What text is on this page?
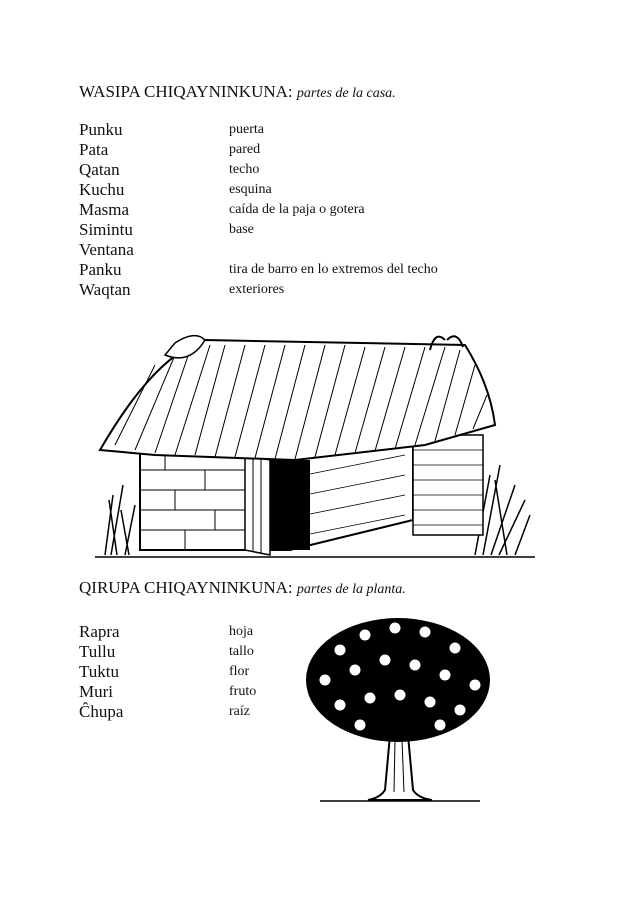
WASIPA CHIQAYNINKUNA: partes de la casa.
Punku	puerta
Pata	pared
Qatan	techo
Kuchu	esquina
Masma	caída de la paja o gotera
Simintu	base
Ventana
Panku	tira de barro en lo extremos del techo
Waqtan	exteriores
QIRUPA CHIQAYNINKUNA: partes de la planta.
Rapra	hoja
Tullu	tallo
Tuktu	flor
Muri	fruto
Ĉhupa	raíz
